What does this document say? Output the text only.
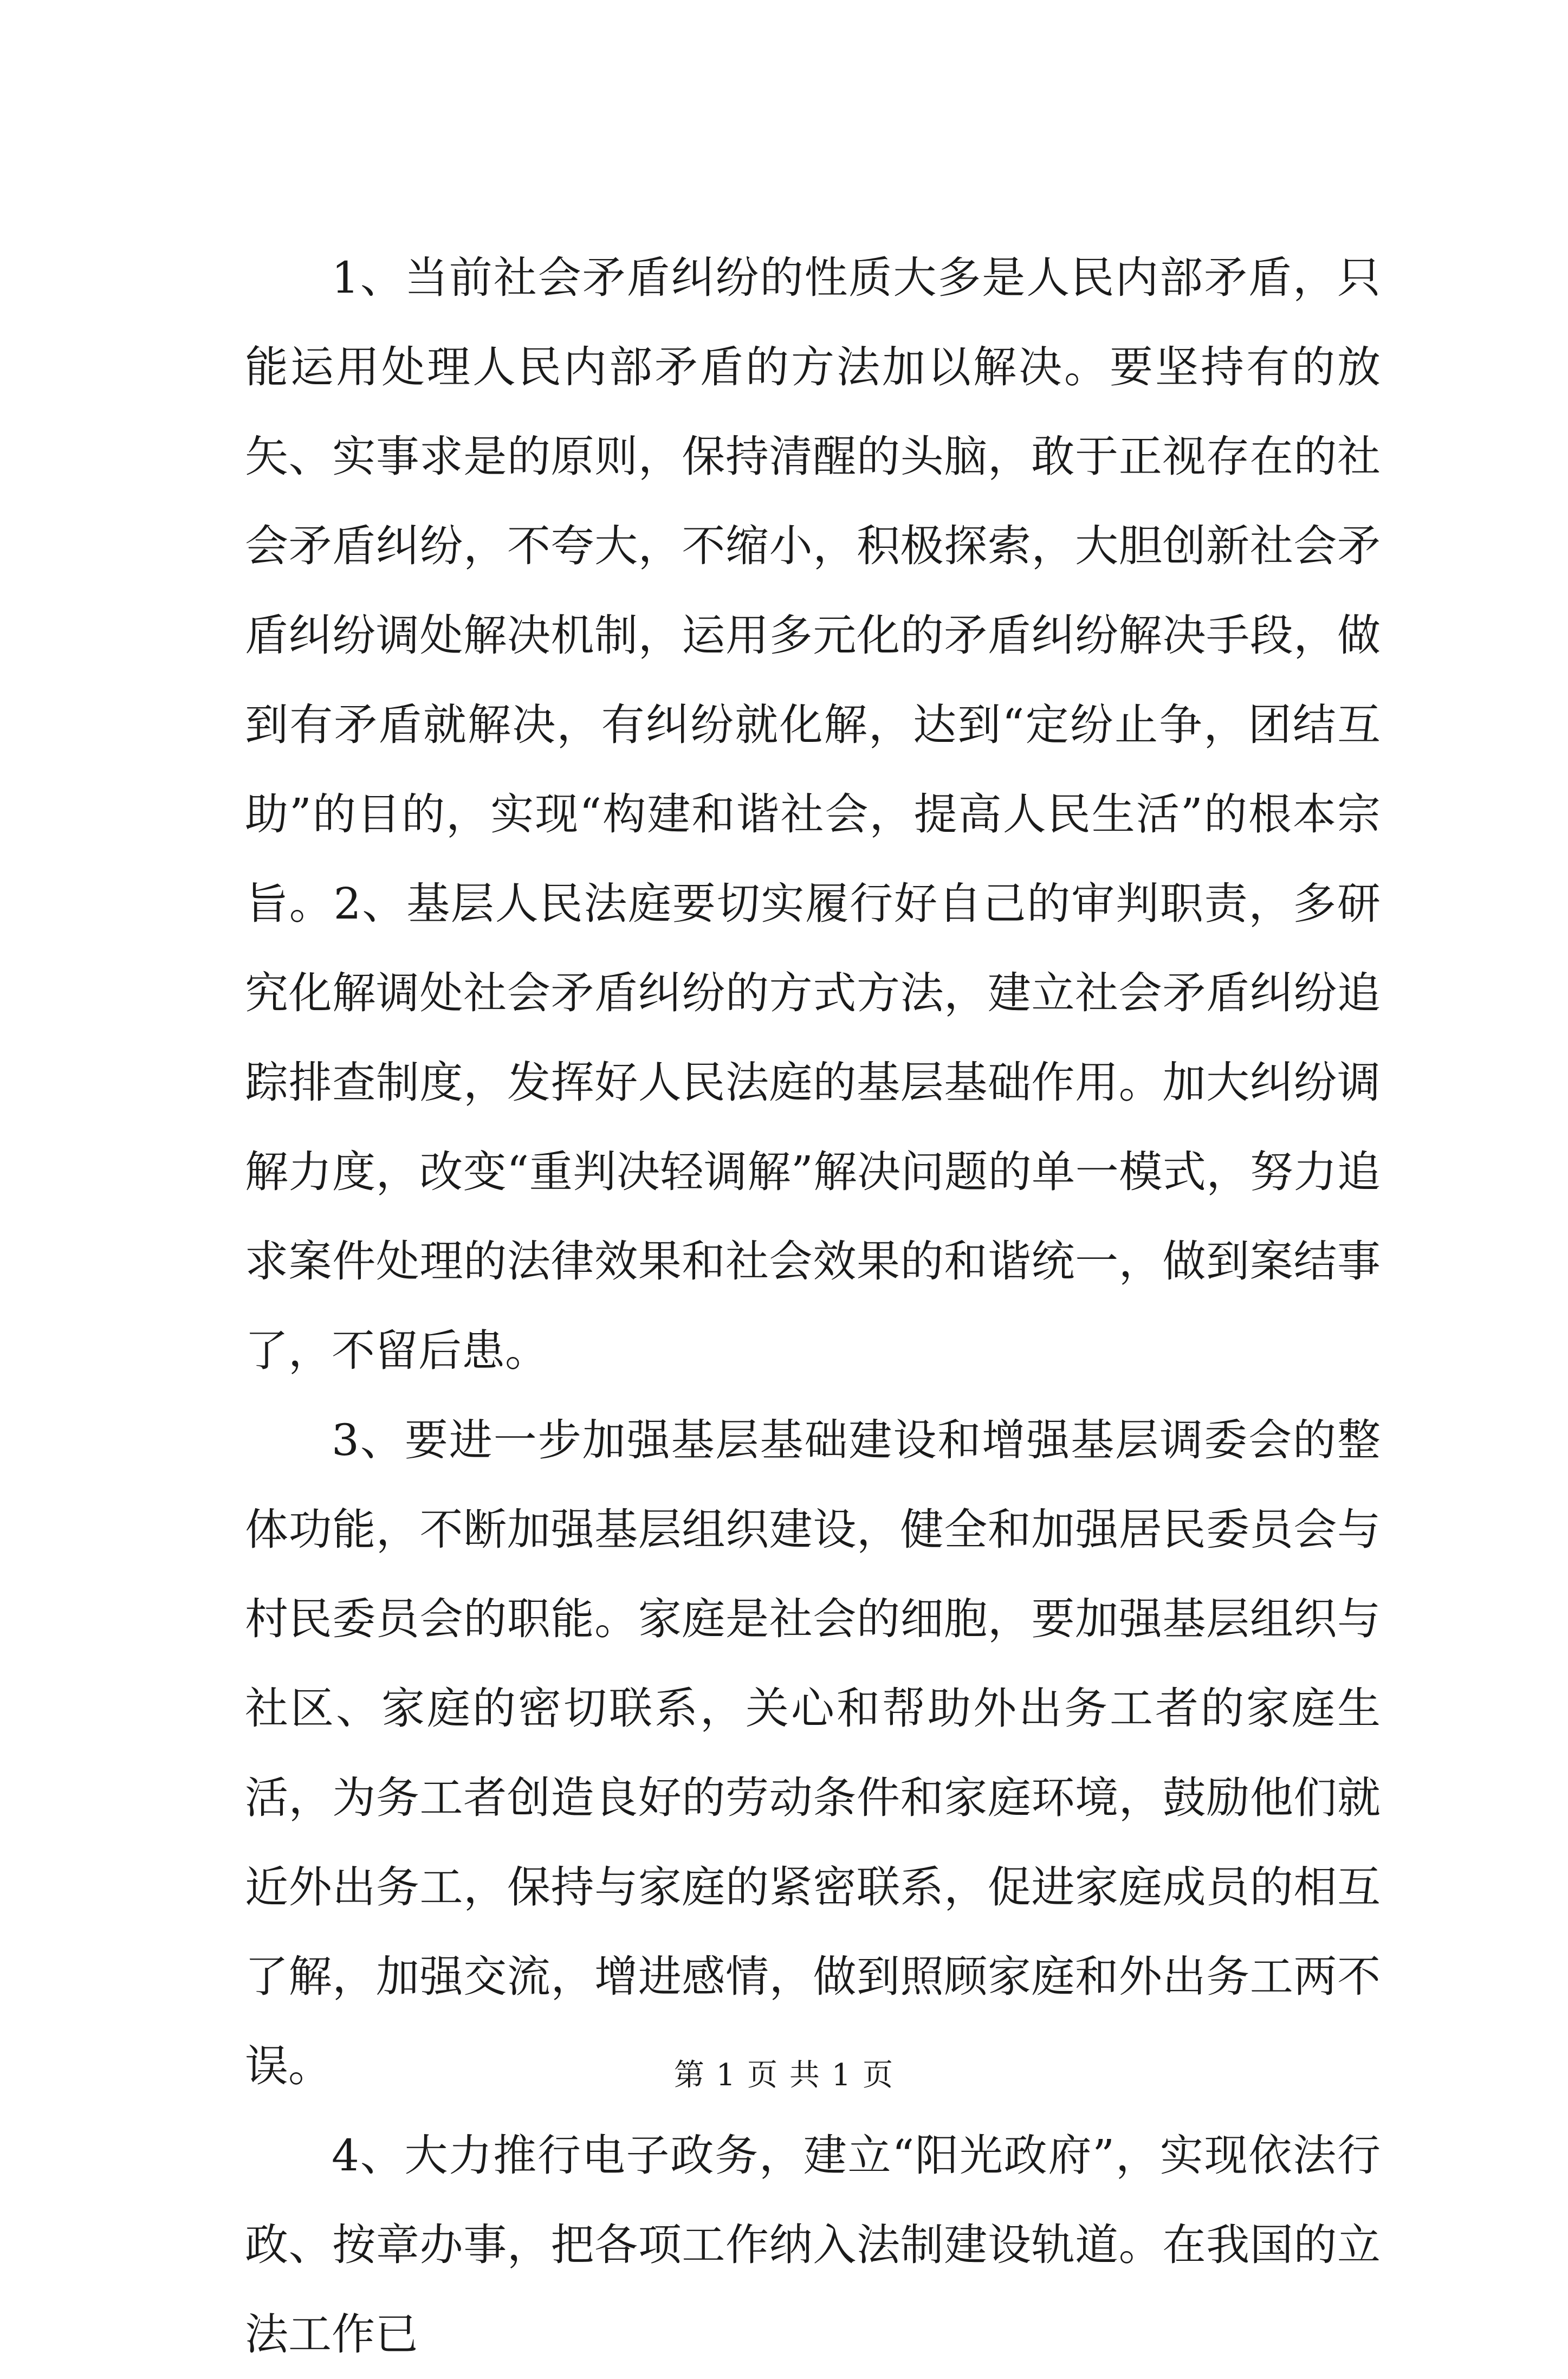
1、当前社会矛盾纠纷的性质大多是人民内部矛盾，只能运用处理人民内部矛盾的方法加以解决。要坚持有的放矢、实事求是的原则，保持清醒的头脑，敢于正视存在的社会矛盾纠纷，不夸大，不缩小，积极探索，大胆创新社会矛盾纠纷调处解决机制，运用多元化的矛盾纠纷解决手段，做到有矛盾就解决，有纠纷就化解，达到“定纷止争，团结互助”的目的，实现“构建和谐社会，提高人民生活”的根本宗旨。2、基层人民法庭要切实履行好自己的审判职责，多研究化解调处社会矛盾纠纷的方式方法，建立社会矛盾纠纷追踪排查制度，发挥好人民法庭的基层基础作用。加大纠纷调解力度，改变“重判决轻调解”解决问题的单一模式，努力追求案件处理的法律效果和社会效果的和谐统一，做到案结事了，不留后患。

3、要进一步加强基层基础建设和增强基层调委会的整体功能，不断加强基层组织建设，健全和加强居民委员会与村民委员会的职能。家庭是社会的细胞，要加强基层组织与社区、家庭的密切联系，关心和帮助外出务工者的家庭生活，为务工者创造良好的劳动条件和家庭环境，鼓励他们就近外出务工，保持与家庭的紧密联系，促进家庭成员的相互了解，加强交流，增进感情，做到照顾家庭和外出务工两不误。

4、大力推行电子政务，建立“阳光政府”，实现依法行政、按章办事，把各项工作纳入法制建设轨道。在我国的立法工作已

第 1 页 共 1 页
